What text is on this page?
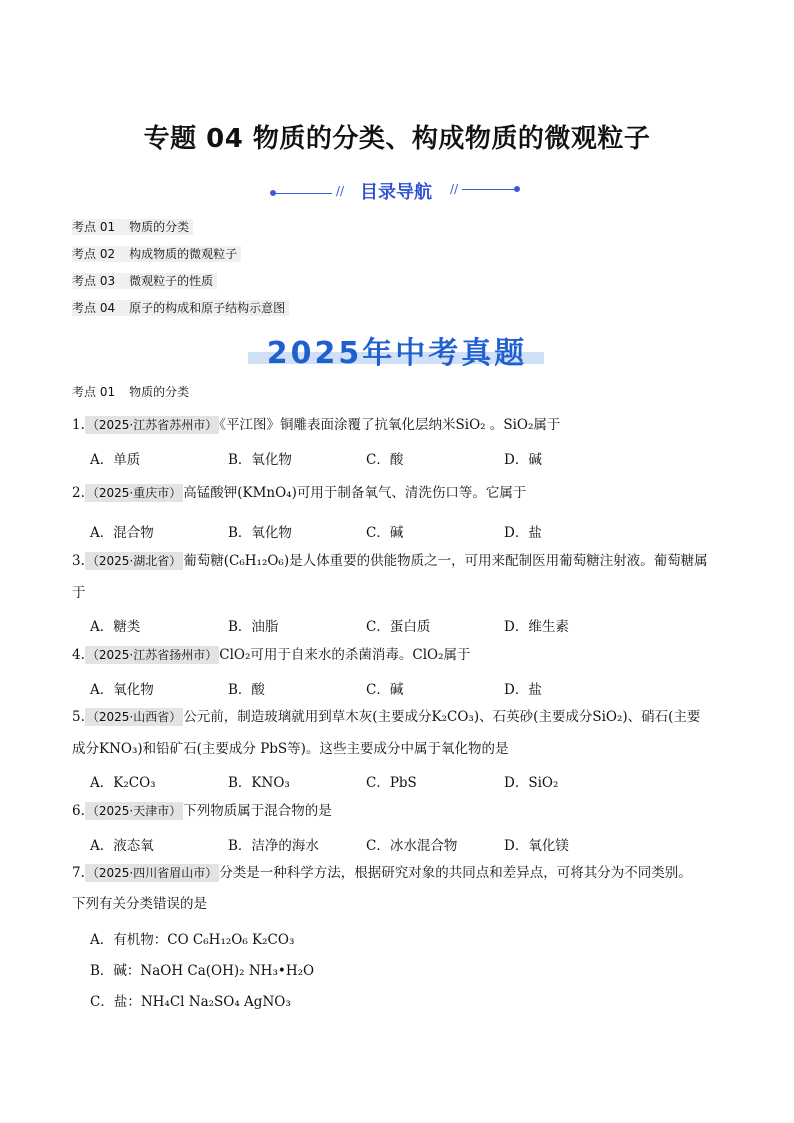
专题 04 物质的分类、构成物质的微观粒子
// 目录导航	//
考点 01 物质的分类
考点 02 构成物质的微观粒子
考点 03 微观粒子的性质
考点 04 原子的构成和原子结构示意图
2025年中考真题
考点 01 物质的分类
1. （2025·江苏省苏州市） 《平江图》铜雕表面涂覆了抗氧化层纳米SiO₂ 。SiO₂属于
A．单质	B．氧化物	C．酸	D．碱
2. （2025·重庆市） 高锰酸钾(KMnO₄)可用于制备氧气、清洗伤口等。它属于
A．混合物	B．氧化物	C．碱	D．盐
3. （2025·湖北省） 葡萄糖(C₆H₁₂O₆)是人体重要的供能物质之一，可用来配制医用葡萄糖注射液。葡萄糖属
于
A．糖类	B．油脂	C．蛋白质	D．维生素
4. （2025·江苏省扬州市） ClO₂可用于自来水的杀菌消毒。ClO₂属于
A．氧化物	B．酸	C．碱	D．盐
5. （2025·山西省） 公元前，制造玻璃就用到草木灰(主要成分K₂CO₃)、石英砂(主要成分SiO₂)、硝石(主要
成分KNO₃)和铅矿石(主要成分 PbS等)。这些主要成分中属于氧化物的是
A．K₂CO₃	B．KNO₃	C．PbS	D．SiO₂
6. （2025·天津市） 下列物质属于混合物的是
A．液态氧	B．洁净的海水	C．冰水混合物	D．氧化镁
7. （2025·四川省眉山市） 分类是一种科学方法，根据研究对象的共同点和差异点，可将其分为不同类别。
下列有关分类错误的是
A．有机物：CO C₆H₁₂O₆ K₂CO₃
B．碱：NaOH Ca(OH)₂ NH₃•H₂O
C．盐：NH₄Cl Na₂SO₄ AgNO₃
